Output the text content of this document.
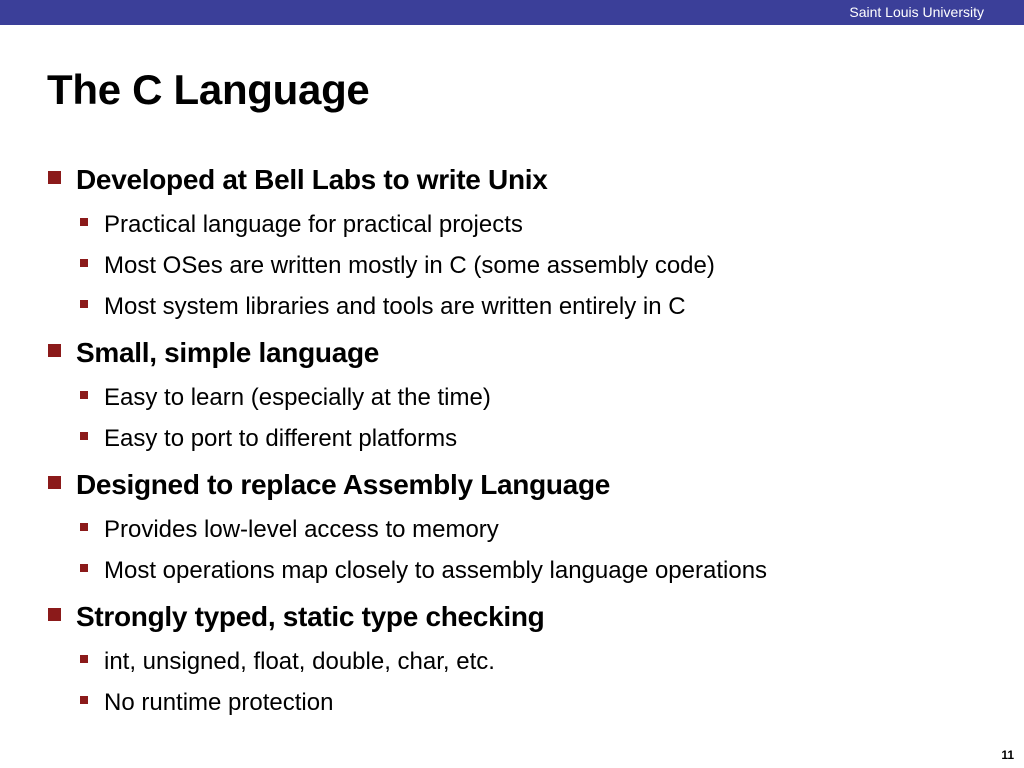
Saint Louis University
The C Language
Developed at Bell Labs to write Unix
Practical language for practical projects
Most OSes are written mostly in C (some assembly code)
Most system libraries and tools are written entirely in C
Small, simple language
Easy to learn (especially at the time)
Easy to port to different platforms
Designed to replace Assembly Language
Provides low-level access to memory
Most operations map closely to assembly language operations
Strongly typed, static type checking
int, unsigned, float, double, char, etc.
No runtime protection
11
